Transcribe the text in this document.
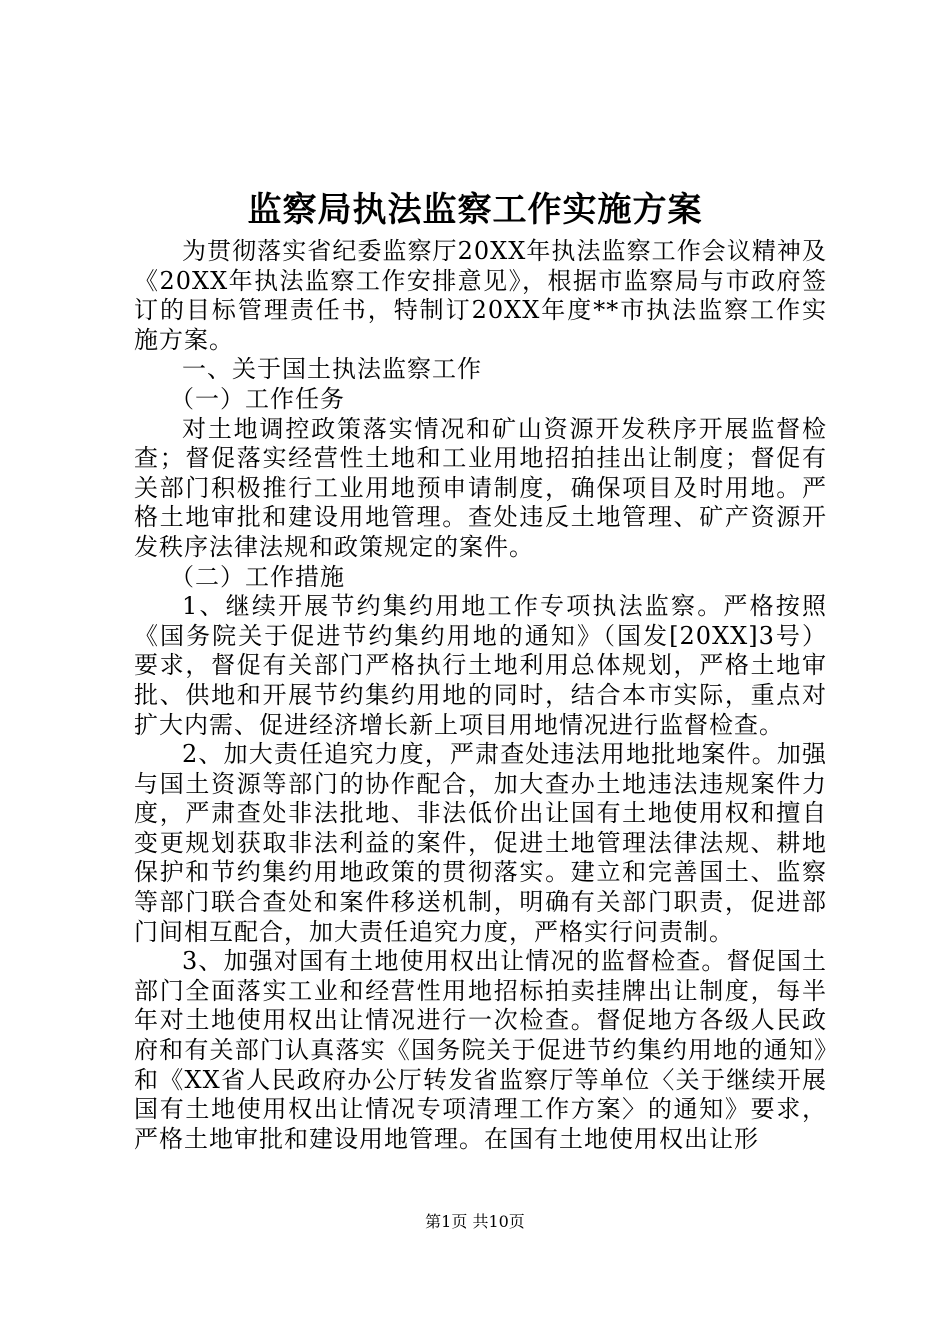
监察局执法监察工作实施方案

为贯彻落实省纪委监察厅20XX年执法监察工作会议精神及《20XX年执法监察工作安排意见》，根据市监察局与市政府签订的目标管理责任书，特制订20XX年度**市执法监察工作实施方案。

一、关于国土执法监察工作

（一）工作任务

对土地调控政策落实情况和矿山资源开发秩序开展监督检查；督促落实经营性土地和工业用地招拍挂出让制度；督促有关部门积极推行工业用地预申请制度，确保项目及时用地。严格土地审批和建设用地管理。查处违反土地管理、矿产资源开发秩序法律法规和政策规定的案件。

（二）工作措施

1、继续开展节约集约用地工作专项执法监察。严格按照《国务院关于促进节约集约用地的通知》（国发[20XX]3号）要求，督促有关部门严格执行土地利用总体规划，严格土地审批、供地和开展节约集约用地的同时，结合本市实际，重点对扩大内需、促进经济增长新上项目用地情况进行监督检查。

2、加大责任追究力度，严肃查处违法用地批地案件。加强与国土资源等部门的协作配合，加大查办土地违法违规案件力度，严肃查处非法批地、非法低价出让国有土地使用权和擅自变更规划获取非法利益的案件，促进土地管理法律法规、耕地保护和节约集约用地政策的贯彻落实。建立和完善国土、监察等部门联合查处和案件移送机制，明确有关部门职责，促进部门间相互配合，加大责任追究力度，严格实行问责制。

3、加强对国有土地使用权出让情况的监督检查。督促国土部门全面落实工业和经营性用地招标拍卖挂牌出让制度，每半年对土地使用权出让情况进行一次检查。督促地方各级人民政府和有关部门认真落实《国务院关于促进节约集约用地的通知》和《XX省人民政府办公厅转发省监察厅等单位〈关于继续开展国有土地使用权出让情况专项清理工作方案〉的通知》要求，严格土地审批和建设用地管理。在国有土地使用权出让形

第1页 共10页
